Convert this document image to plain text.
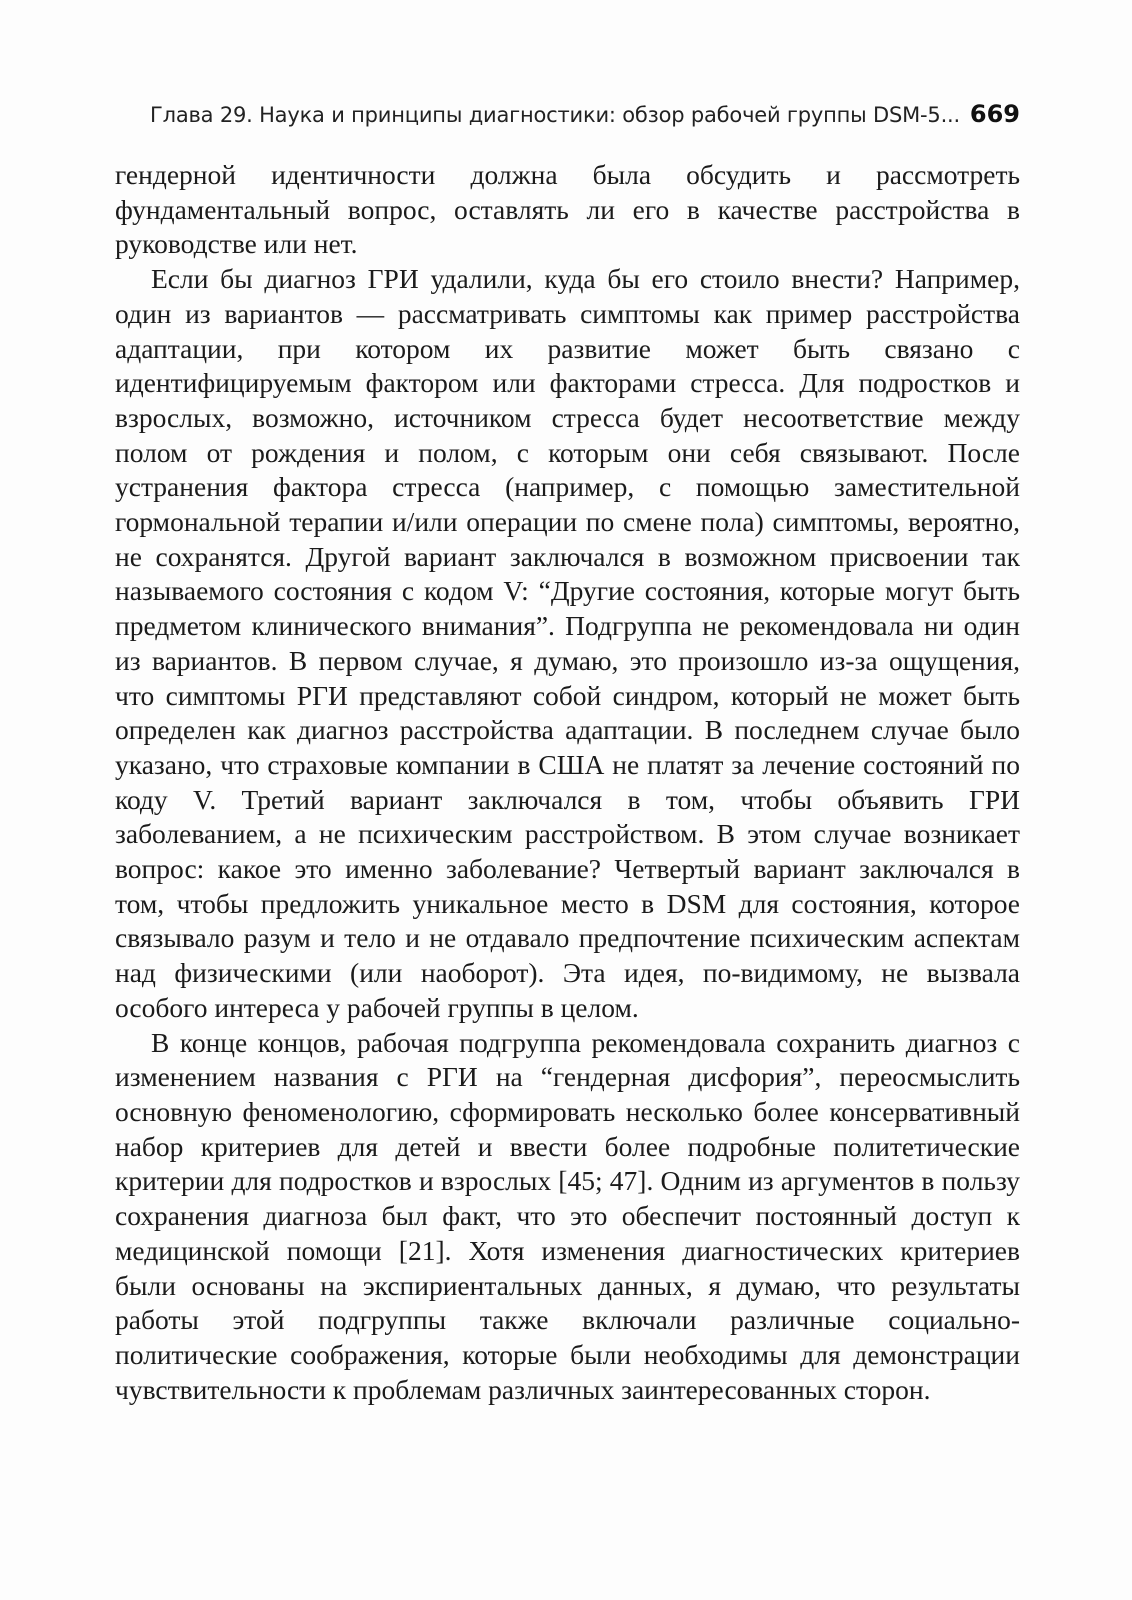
Глава 29. Наука и принципы диагностики: обзор рабочей группы DSM-5... 669

гендерной идентичности должна была обсудить и рассмотреть фундаментальный вопрос, оставлять ли его в качестве расстройства в руководстве или нет.

Если бы диагноз ГРИ удалили, куда бы его стоило внести? Например, один из вариантов — рассматривать симптомы как пример расстройства адаптации, при котором их развитие может быть связано с идентифицируемым фактором или факторами стресса. Для подростков и взрослых, возможно, источником стресса будет несоответствие между полом от рождения и полом, с которым они себя связывают. После устранения фактора стресса (например, с помощью заместительной гормональной терапии и/или операции по смене пола) симптомы, вероятно, не сохранятся. Другой вариант заключался в возможном присвоении так называемого состояния с кодом V: “Другие состояния, которые могут быть предметом клинического внимания”. Подгруппа не рекомендовала ни один из вариантов. В первом случае, я думаю, это произошло из-за ощущения, что симптомы РГИ представляют собой синдром, который не может быть определен как диагноз расстройства адаптации. В последнем случае было указано, что страховые компании в США не платят за лечение состояний по коду V. Третий вариант заключался в том, чтобы объявить ГРИ заболеванием, а не психическим расстройством. В этом случае возникает вопрос: какое это именно заболевание? Четвертый вариант заключался в том, чтобы предложить уникальное место в DSM для состояния, которое связывало разум и тело и не отдавало предпочтение психическим аспектам над физическими (или наоборот). Эта идея, по-видимому, не вызвала особого интереса у рабочей группы в целом.

В конце концов, рабочая подгруппа рекомендовала сохранить диагноз с изменением названия с РГИ на “гендерная дисфория”, переосмыслить основную феноменологию, сформировать несколько более консервативный набор критериев для детей и ввести более подробные политетические критерии для подростков и взрослых [45; 47]. Одним из аргументов в пользу сохранения диагноза был факт, что это обеспечит постоянный доступ к медицинской помощи [21]. Хотя изменения диагностических критериев были основаны на экспириентальных данных, я думаю, что результаты работы этой подгруппы также включали различные социально-политические соображения, которые были необходимы для демонстрации чувствительности к проблемам различных заинтересованных сторон.
